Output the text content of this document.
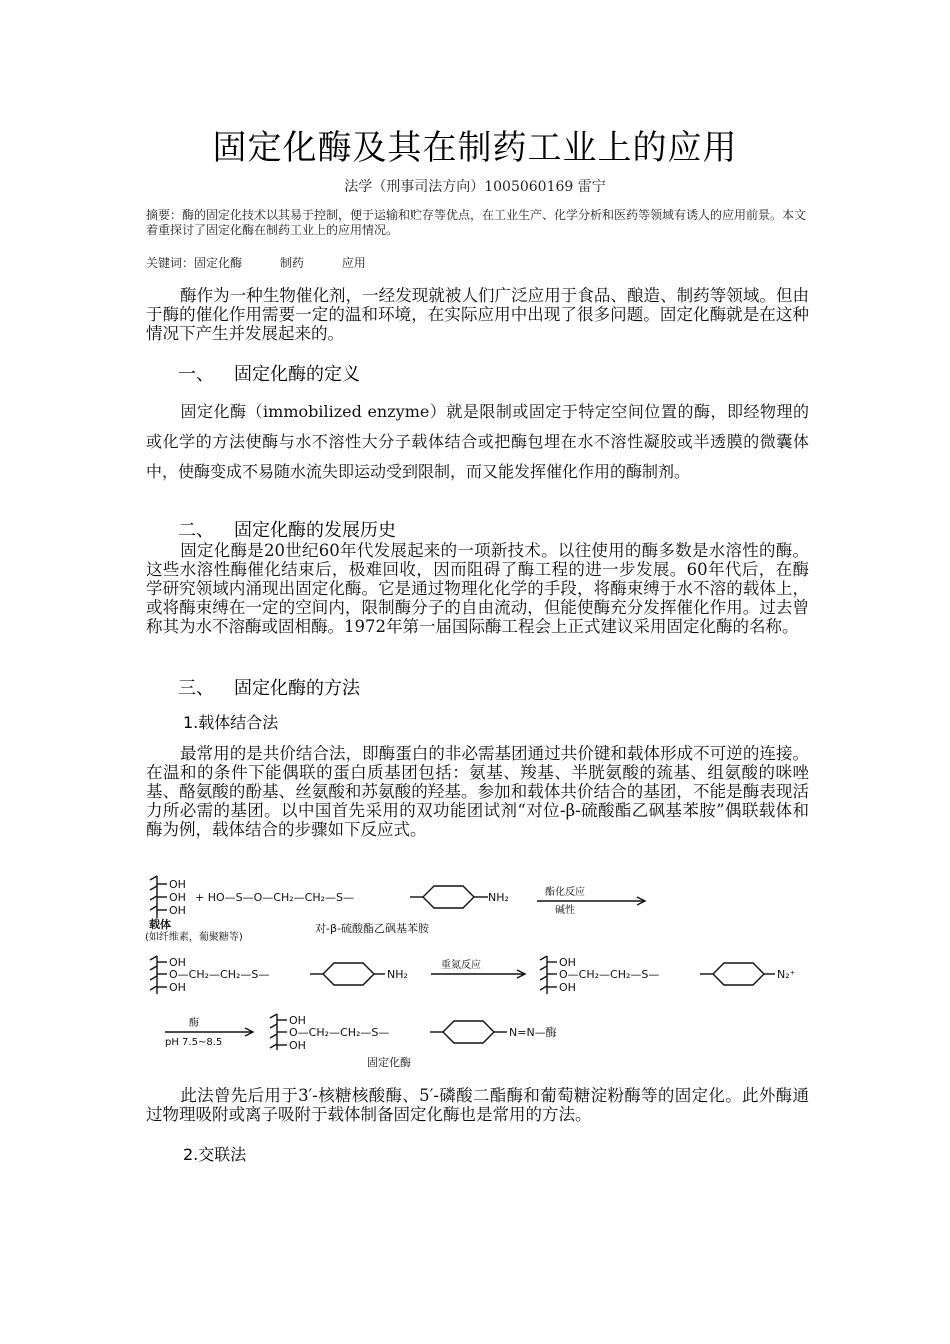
固定化酶及其在制药工业上的应用
法学（刑事司法方向）1005060169 雷宁
摘要：酶的固定化技术以其易于控制，便于运输和贮存等优点，在工业生产、化学分析和医药等领域有诱人的应用前景。本文着重探讨了固定化酶在制药工业上的应用情况。
关键词：固定化酶	制药	应用
酶作为一种生物催化剂，一经发现就被人们广泛应用于食品、酿造、制药等领域。但由于酶的催化作用需要一定的温和环境，在实际应用中出现了很多问题。固定化酶就是在这种情况下产生并发展起来的。
一、 固定化酶的定义
固定化酶（immobilized enzyme）就是限制或固定于特定空间位置的酶，即经物理的或化学的方法使酶与水不溶性大分子载体结合或把酶包埋在水不溶性凝胶或半透膜的微囊体中，使酶变成不易随水流失即运动受到限制，而又能发挥催化作用的酶制剂。
二、 固定化酶的发展历史
固定化酶是20世纪60年代发展起来的一项新技术。以往使用的酶多数是水溶性的酶。这些水溶性酶催化结束后，极难回收，因而阻碍了酶工程的进一步发展。60年代后，在酶学研究领域内涌现出固定化酶。它是通过物理化化学的手段，将酶束缚于水不溶的载体上，或将酶束缚在一定的空间内，限制酶分子的自由流动，但能使酶充分发挥催化作用。过去曾称其为水不溶酶或固相酶。1972年第一届国际酶工程会上正式建议采用固定化酶的名称。
三、 固定化酶的方法
1.载体结合法
最常用的是共价结合法，即酶蛋白的非必需基团通过共价键和载体形成不可逆的连接。在温和的条件下能偶联的蛋白质基团包括：氨基、羧基、半胱氨酸的巯基、组氨酸的咪唑基、酪氨酸的酚基、丝氨酸和苏氨酸的羟基。参加和载体共价结合的基团，不能是酶表现活力所必需的基团。以中国首先采用的双功能团试剂“对位-β-硫酸酯乙砜基苯胺”偶联载体和酶为例，载体结合的步骤如下反应式。
OH
OH
OH
+ HO—S—O—CH₂—CH₂—S—	NH₂	酯化反应
碱性
载体
(如纤维素，葡聚糖等)
对-β-硫酸酯乙砜基苯胺
OH
O—CH₂—CH₂—S—
OH
NH₂
重氮反应	OH
O—CH₂—CH₂—S—
OH
N₂⁺
酶
pH 7.5~8.5
OH
O—CH₂—CH₂—S—
OH
N=N—酶
固定化酶
此法曾先后用于3′-核糖核酸酶、5′-磷酸二酯酶和葡萄糖淀粉酶等的固定化。此外酶通过物理吸附或离子吸附于载体制备固定化酶也是常用的方法。
2.交联法
